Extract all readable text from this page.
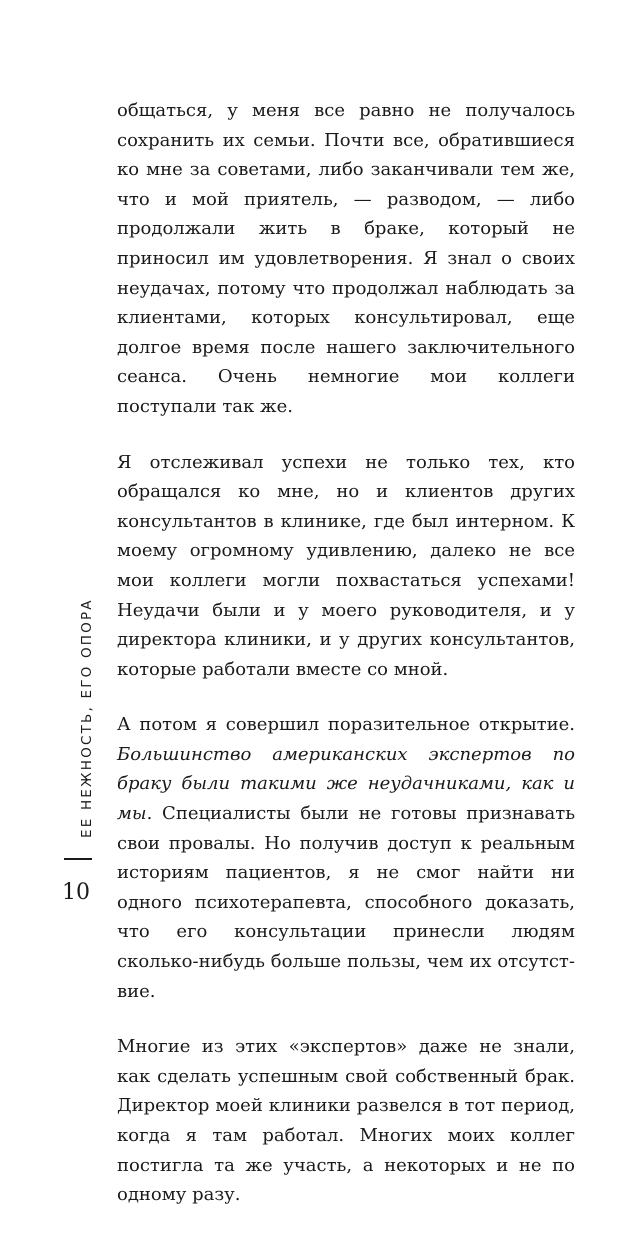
общаться, у меня все равно не получалось сохранить их семьи. Почти все, обратившиеся ко мне за советами, либо заканчивали тем же, что и мой приятель, — разводом, — либо продолжали жить в браке, который не приносил им удовлетворения. Я знал о своих неудачах, потому что продолжал наблюдать за клиентами, которых консультировал, еще долгое время после нашего заключительного сеанса. Очень немногие мои коллеги поступали так же.

Я отслеживал успехи не только тех, кто обращался ко мне, но и клиентов других консультантов в клинике, где был интерном. К моему огромному удивлению, далеко не все мои коллеги могли похвастаться успехами! Неудачи были и у моего руководителя, и у директора клиники, и у других консультантов, которые работали вместе со мной.

А потом я совершил поразительное открытие. Большинство американских экспертов по браку были такими же неудачниками, как и мы. Специалисты были не готовы признавать свои провалы. Но получив доступ к реальным историям пациентов, я не смог найти ни одного психотерапевта, способного доказать, что его консультации принесли людям сколько-нибудь больше пользы, чем их отсутствие.

Многие из этих «экспертов» даже не знали, как сделать успешным свой собственный брак. Директор моей клиники развелся в тот период, когда я там работал. Многих моих коллег постигла та же участь, а некоторых и не по одному разу.

ЕЕ НЕЖНОСТЬ, ЕГО ОПОРА
10
